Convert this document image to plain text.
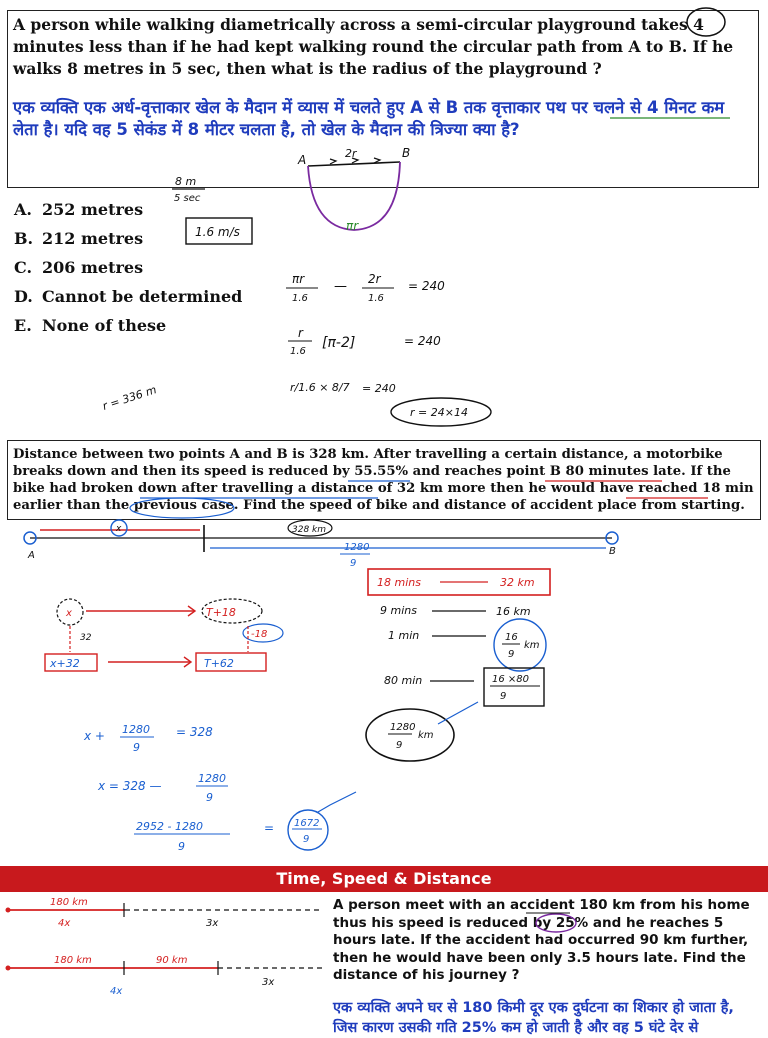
A person while walking diametrically across a semi-circular playground takes 4 minutes less than if he had kept walking round the circular path from A to B. If he walks 8 metres in 5 sec, then what is the radius of the playground ?
एक व्यक्ति एक अर्ध-वृत्ताकार खेल के मैदान में व्यास में चलते हुए A से B तक वृत्ताकार पथ पर चलने से 4 मिनट कम लेता है। यदि वह 5 सेकंड में 8 मीटर चलता है, तो खेल के मैदान की त्रिज्या क्या है?
A. 252 metres
B. 212 metres
C. 206 metres
D. Cannot be determined
E. None of these
Distance between two points A and B is 328 km. After travelling a certain distance, a motorbike breaks down and then its speed is reduced by 55.55% and reaches point B 80 minutes late. If the bike had broken down after travelling a distance of 32 km more then he would have reached 18 min earlier than the previous case. Find the speed of bike and distance of accident place from starting.
Time, Speed & Distance
A person meet with an accident 180 km from his home thus his speed is reduced by 25% and he reaches 5 hours late. If the accident had occurred 90 km further, then he would have been only 3.5 hours late. Find the distance of his journey ?
एक व्यक्ति अपने घर से 180 किमी दूर एक दुर्घटना का शिकार हो जाता है, जिस कारण उसकी गति 25% कम हो जाती है और वह 5 घंटे देर से
A	B
2r
πr
8 m
5 sec
1.6 m/s
πr
1.6
— 2r
1.6
= 240
r
1.6
[π-2]	= 240
r/1.6 × 8/7 = 240
r = 24×14
r = 336 m
A	B
x	328 km
1280
9
x	T+18
-18
32
x+32	T+62
18 mins	32 km
9 mins	16 km
1 min	16
km
9
80 min	16 ×80
9
1280
km
9
x + 1280
9
= 328
x = 328 —
1280
9
2952 - 1280
9
= 1672
9
180 km
4x	3x
180 km	90 km
4x
3x
